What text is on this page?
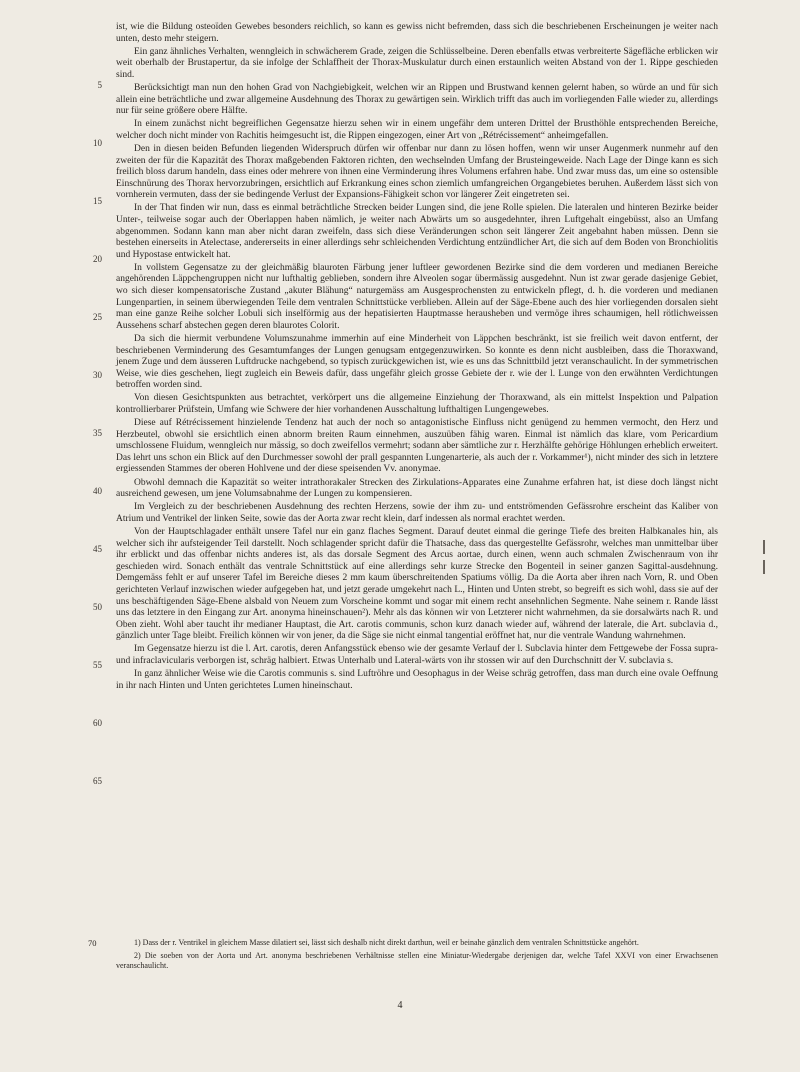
ist, wie die Bildung osteoïden Gewebes besonders reichlich, so kann es gewiss nicht befremden, dass sich die beschriebenen Erscheinungen je weiter nach unten, desto mehr steigern.

Ein ganz ähnliches Verhalten, wenngleich in schwächerem Grade, zeigen die Schlüsselbeine. Deren ebenfalls etwas verbreiterte Sägefläche erblicken wir weit oberhalb der Brustapertur, da sie infolge der Schlaffheit der Thorax-Muskulatur durch einen erstaunlich weiten Abstand von der 1. Rippe geschieden sind.

Berücksichtigt man nun den hohen Grad von Nachgiebigkeit, welchen wir an Rippen und Brustwand kennen gelernt haben, so würde an und für sich allein eine beträchtliche und zwar allgemeine Ausdehnung des Thorax zu gewärtigen sein. Wirklich trifft das auch im vorliegenden Falle wieder zu, allerdings nur für seine größere obere Hälfte.

In einem zunächst nicht begreiflichen Gegensatze hierzu sehen wir in einem ungefähr dem unteren Drittel der Brusthöhle entsprechenden Bereiche, welcher doch nicht minder von Rachitis heimgesucht ist, die Rippen eingezogen, einer Art von „Rétrécissement“ anheimgefallen.

Den in diesen beiden Befunden liegenden Widerspruch dürfen wir offenbar nur dann zu lösen hoffen, wenn wir unser Augenmerk nunmehr auf den zweiten der für die Kapazität des Thorax maßgebenden Faktoren richten, den wechselnden Umfang der Brusteingeweide. Nach Lage der Dinge kann es sich freilich bloss darum handeln, dass eines oder mehrere von ihnen eine Verminderung ihres Volumens erfahren habe. Und zwar muss das, um eine so ostensible Einschnürung des Thorax hervorzubringen, ersichtlich auf Erkrankung eines schon ziemlich umfangreichen Organgebietes beruhen. Außerdem lässt sich von vornherein vermuten, dass der sie bedingende Verlust der Expansions-Fähigkeit schon vor längerer Zeit eingetreten sei.

In der That finden wir nun, dass es einmal beträchtliche Strecken beider Lungen sind, die jene Rolle spielen. Die lateralen und hinteren Bezirke beider Unter-, teilweise sogar auch der Oberlappen haben nämlich, je weiter nach Abwärts um so ausgedehnter, ihren Luftgehalt eingebüsst, also an Umfang abgenommen. Sodann kann man aber nicht daran zweifeln, dass sich diese Veränderungen schon seit längerer Zeit angebahnt haben müssen. Denn sie bestehen einerseits in Atelectase, andererseits in einer allerdings sehr schleichenden Verdichtung entzündlicher Art, die sich auf dem Boden von Bronchiolitis und Hypostase entwickelt hat.

In vollstem Gegensatze zu der gleichmäßig blauroten Färbung jener luftleer gewordenen Bezirke sind die dem vorderen und medianen Bereiche angehörenden Läppchengruppen nicht nur lufthaltig geblieben, sondern ihre Alveolen sogar übermässig ausgedehnt. Nun ist zwar gerade dasjenige Gebiet, wo sich dieser kompensatorische Zustand „akuter Blähung“ naturgemäss am Ausgesprochensten zu entwickeln pflegt, d. h. die vorderen und medianen Lungenpartien, in seinem überwiegenden Teile dem ventralen Schnittstücke verblieben. Allein auf der Säge-Ebene auch des hier vorliegenden dorsalen sieht man eine ganze Reihe solcher Lobuli sich inselförmig aus der hepatisierten Hauptmasse herausheben und vermöge ihres schaumigen, hell rötlichweissen Aussehens scharf abstechen gegen deren blaurotes Colorit.

Da sich die hiermit verbundene Volumszunahme immerhin auf eine Minderheit von Läppchen beschränkt, ist sie freilich weit davon entfernt, der beschriebenen Verminderung des Gesamtumfanges der Lungen genugsam entgegenzuwirken. So konnte es denn nicht ausbleiben, dass die Thoraxwand, jenem Zuge und dem äusseren Luftdrucke nachgebend, so typisch zurückgewichen ist, wie es uns das Schnittbild jetzt veranschaulicht. In der symmetrischen Weise, wie dies geschehen, liegt zugleich ein Beweis dafür, dass ungefähr gleich grosse Gebiete der r. wie der l. Lunge von den erwähnten Verdichtungen betroffen worden sind.

Von diesen Gesichtspunkten aus betrachtet, verkörpert uns die allgemeine Einziehung der Thoraxwand, als ein mittelst Inspektion und Palpation kontrollierbarer Prüfstein, Umfang wie Schwere der hier vorhandenen Ausschaltung lufthaltigen Lungengewebes.

Diese auf Rétrécissement hinzielende Tendenz hat auch der noch so antagonistische Einfluss nicht genügend zu hemmen vermocht, den Herz und Herzbeutel, obwohl sie ersichtlich einen abnorm breiten Raum einnehmen, auszuüben fähig waren. Einmal ist nämlich das klare, vom Pericardium umschlossene Fluidum, wenngleich nur mässig, so doch zweifellos vermehrt; sodann aber sämtliche zur r. Herzhälfte gehörige Höhlungen erheblich erweitert. Das lehrt uns schon ein Blick auf den Durchmesser sowohl der prall gespannten Lungenarterie, als auch der r. Vorkammer¹), nicht minder des sich in letztere ergiessenden Stammes der oberen Hohlvene und der diese speisenden Vv. anonymae.

Obwohl demnach die Kapazität so weiter intrathorakaler Strecken des Zirkulations-Apparates eine Zunahme erfahren hat, ist diese doch längst nicht ausreichend gewesen, um jene Volumsabnahme der Lungen zu kompensieren.

Im Vergleich zu der beschriebenen Ausdehnung des rechten Herzens, sowie der ihm zu- und entströmenden Gefässrohre erscheint das Kaliber von Atrium und Ventrikel der linken Seite, sowie das der Aorta zwar recht klein, darf indessen als normal erachtet werden.

Von der Hauptschlagader enthält unsere Tafel nur ein ganz flaches Segment. Darauf deutet einmal die geringe Tiefe des breiten Halbkanales hin, als welcher sich ihr aufsteigender Teil darstellt. Noch schlagender spricht dafür die Thatsache, dass das quergestellte Gefässrohr, welches man unmittelbar über ihr erblickt und das offenbar nichts anderes ist, als das dorsale Segment des Arcus aortae, durch einen, wenn auch schmalen Zwischenraum von ihr geschieden wird. Sonach enthält das ventrale Schnittstück auf eine allerdings sehr kurze Strecke den Bogenteil in seiner ganzen Sagittal-ausdehnung. Demgemäss fehlt er auf unserer Tafel im Bereiche dieses 2 mm kaum überschreitenden Spatiums völlig. Da die Aorta aber ihren nach Vorn, R. und Oben gerichteten Verlauf inzwischen wieder aufgegeben hat, und jetzt gerade umgekehrt nach L., Hinten und Unten strebt, so begreift es sich wohl, dass sie auf der uns beschäftigenden Säge-Ebene alsbald von Neuem zum Vorscheine kommt und sogar mit einem recht ansehnlichen Segmente. Nahe seinem r. Rande lässt uns das letztere in den Eingang zur Art. anonyma hineinschauen²). Mehr als das können wir von Letzterer nicht wahrnehmen, da sie dorsalwärts nach R. und Oben zieht. Wohl aber taucht ihr medianer Hauptast, die Art. carotis communis, schon kurz danach wieder auf, während der laterale, die Art. subclavia d., gänzlich unter Tage bleibt. Freilich können wir von jener, da die Säge sie nicht einmal tangential eröffnet hat, nur die ventrale Wandung wahrnehmen.

Im Gegensatze hierzu ist die l. Art. carotis, deren Anfangsstück ebenso wie der gesamte Verlauf der l. Subclavia hinter dem Fettgewebe der Fossa supra- und infraclavicularis verborgen ist, schräg halbiert. Etwas Unterhalb und Lateral-wärts von ihr stossen wir auf den Durchschnitt der V. subclavia s.

In ganz ähnlicher Weise wie die Carotis communis s. sind Luftröhre und Oesophagus in der Weise schräg getroffen, dass man durch eine ovale Oeffnung in ihr nach Hinten und Unten gerichtetes Lumen hineinschaut.

5
10
15
20
25
30
35
40
45
50
55
60
65
70	1) Dass der r. Ventrikel in gleichem Masse dilatiert sei, lässt sich deshalb nicht direkt darthun, weil er beinahe gänzlich dem ventralen Schnittstücke angehört.

2) Die soeben von der Aorta und Art. anonyma beschriebenen Verhältnisse stellen eine Miniatur-Wiedergabe derjenigen dar, welche Tafel XXVI von einer Erwachsenen veranschaulicht.

4
